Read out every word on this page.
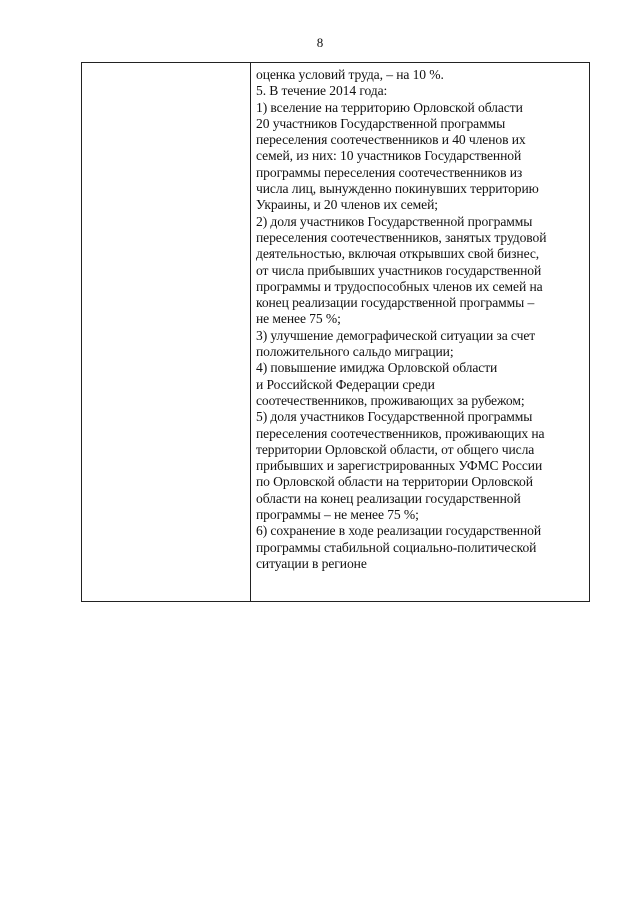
8
оценка условий труда, – на 10 %.
5. В течение 2014 года:
1) вселение на территорию Орловской области
20 участников Государственной программы
переселения соотечественников и 40 членов их
семей, из них: 10 участников Государственной
программы переселения соотечественников из
числа лиц, вынужденно покинувших территорию
Украины, и 20 членов их семей;
2) доля участников Государственной программы
переселения соотечественников, занятых трудовой
деятельностью, включая открывших свой бизнес,
от числа прибывших участников государственной
программы и трудоспособных членов их семей на
конец реализации государственной программы –
не менее 75 %;
3) улучшение демографической ситуации за счет
положительного сальдо миграции;
4) повышение имиджа Орловской области
и Российской Федерации среди
соотечественников, проживающих за рубежом;
5) доля участников Государственной программы
переселения соотечественников, проживающих на
территории Орловской области, от общего числа
прибывших и зарегистрированных УФМС России
по Орловской области на территории Орловской
области на конец реализации государственной
программы – не менее 75 %;
6) сохранение в ходе реализации государственной
программы стабильной социально-политической
ситуации в регионе
